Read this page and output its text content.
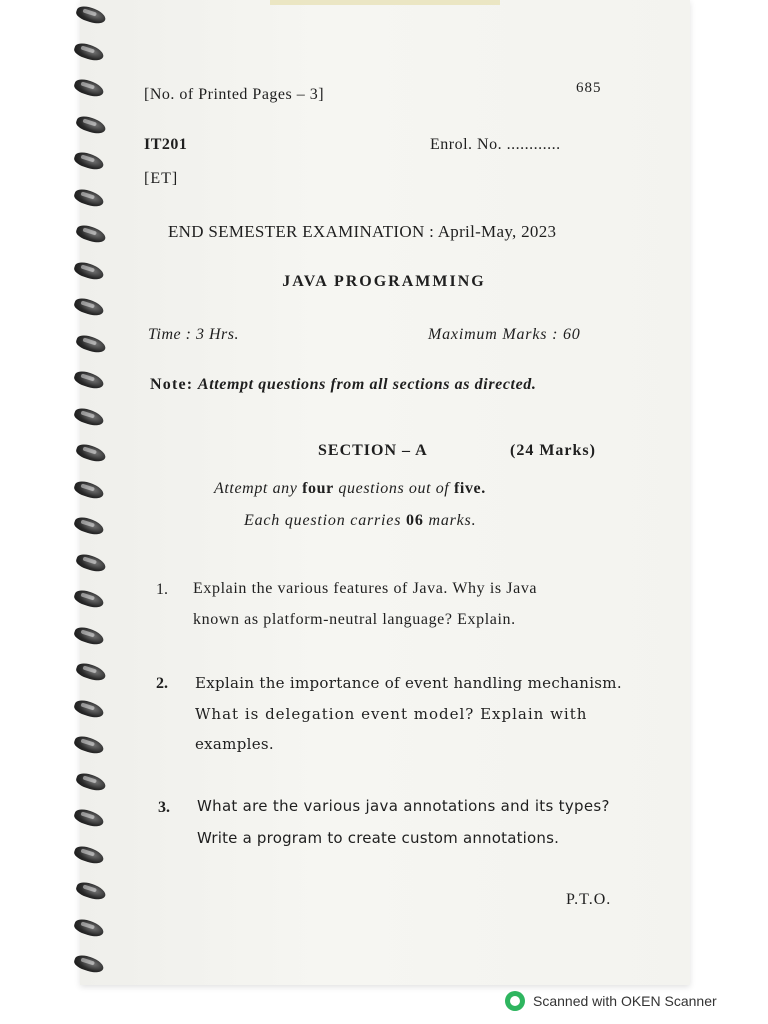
[No. of Printed Pages – 3]	685
IT201	Enrol. No. ............
[ET]
END SEMESTER EXAMINATION : April-May, 2023
JAVA PROGRAMMING
Time : 3 Hrs.	Maximum Marks : 60
Note: Attempt questions from all sections as directed.
SECTION – A	(24 Marks)
Attempt any four questions out of five.
Each question carries 06 marks.
1. Explain the various features of Java. Why is Java
known as platform-neutral language? Explain.
2. Explain the importance of event handling mechanism.
What is delegation event model? Explain with
examples.
3. What are the various java annotations and its types?
Write a program to create custom annotations.
P.T.O.
Scanned with OKEN Scanner
